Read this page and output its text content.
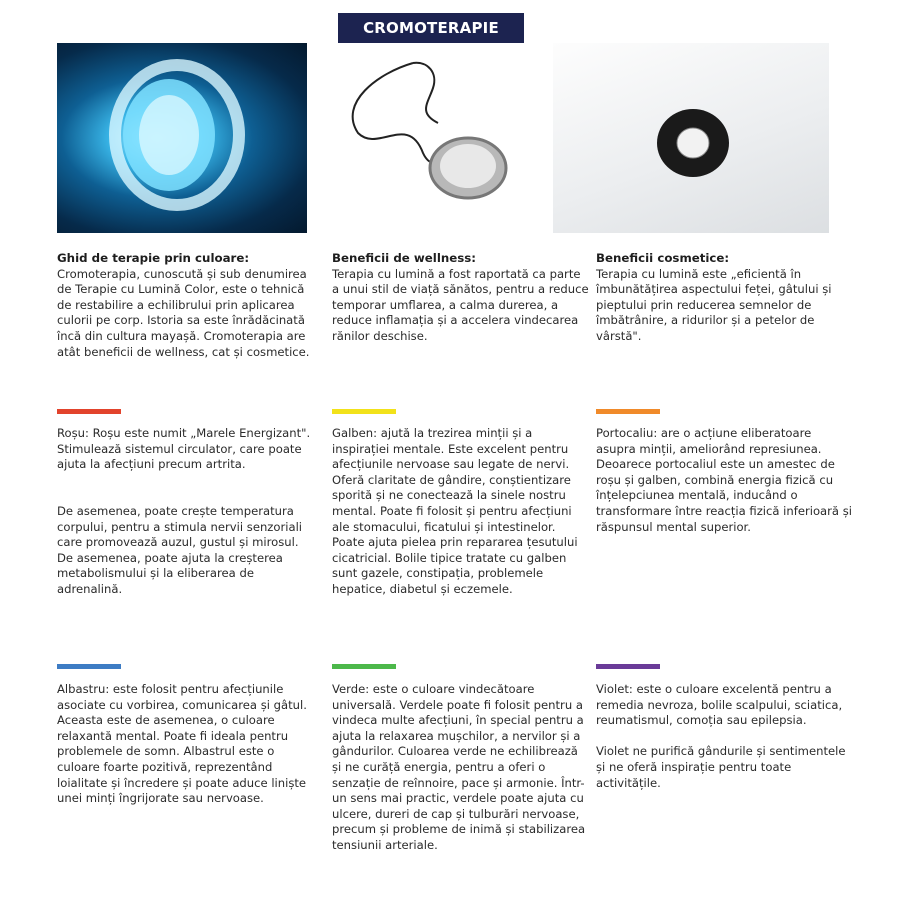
CROMOTERAPIE
Ghid de terapie prin culoare:

Cromoterapia, cunoscută și sub denumirea de Terapie cu Lumină Color, este o tehnică de restabilire a echilibrului prin aplicarea culorii pe corp. Istoria sa este înrădăcinată încă din cultura mayașă. Cromoterapia are atât beneficii de wellness, cat și cosmetice.

Beneficii de wellness:

Terapia cu lumină a fost raportată ca parte a unui stil de viață sănătos, pentru a reduce temporar umflarea, a calma durerea, a reduce inflamația și a accelera vindecarea rănilor deschise.

Beneficii cosmetice:

Terapia cu lumină este „eficientă în îmbunătățirea aspectului feței, gâtului și pieptului prin reducerea semnelor de îmbătrânire, a ridurilor și a petelor de vârstă".

Roșu: Roșu este numit „Marele Energizant". Stimulează sistemul circulator, care poate ajuta la afecțiuni precum artrita.

De asemenea, poate crește temperatura corpului, pentru a stimula nervii senzoriali care promovează auzul, gustul și mirosul. De asemenea, poate ajuta la creșterea metabolismului și la eliberarea de adrenalină.

Galben: ajută la trezirea minții și a inspirației mentale. Este excelent pentru afecțiunile nervoase sau legate de nervi. Oferă claritate de gândire, conștientizare sporită și ne conectează la sinele nostru mental. Poate fi folosit și pentru afecțiuni ale stomacului, ficatului și intestinelor. Poate ajuta pielea prin repararea țesutului cicatricial. Bolile tipice tratate cu galben sunt gazele, constipația, problemele hepatice, diabetul și eczemele.

Portocaliu: are o acțiune eliberatoare asupra minții, ameliorând represiunea. Deoarece portocaliul este un amestec de roșu și galben, combină energia fizică cu înțelepciunea mentală, inducând o transformare între reacția fizică inferioară și răspunsul mental superior.

Albastru: este folosit pentru afecțiunile asociate cu vorbirea, comunicarea și gâtul. Aceasta este de asemenea, o culoare relaxantă mental. Poate fi ideala pentru problemele de somn. Albastrul este o culoare foarte pozitivă, reprezentând loialitate și încredere și poate aduce liniște unei minți îngrijorate sau nervoase.

Verde: este o culoare vindecătoare universală. Verdele poate fi folosit pentru a vindeca multe afecțiuni, în special pentru a ajuta la relaxarea mușchilor, a nervilor și a gândurilor. Culoarea verde ne echilibrează și ne curăță energia, pentru a oferi o senzație de reînnoire, pace și armonie. Într-un sens mai practic, verdele poate ajuta cu ulcere, dureri de cap și tulburări nervoase, precum și probleme de inimă și stabilizarea tensiunii arteriale.

Violet: este o culoare excelentă pentru a remedia nevroza, bolile scalpului, sciatica, reumatismul, comoția sau epilepsia.

Violet ne purifică gândurile și sentimentele și ne oferă inspirație pentru toate activitățile.
